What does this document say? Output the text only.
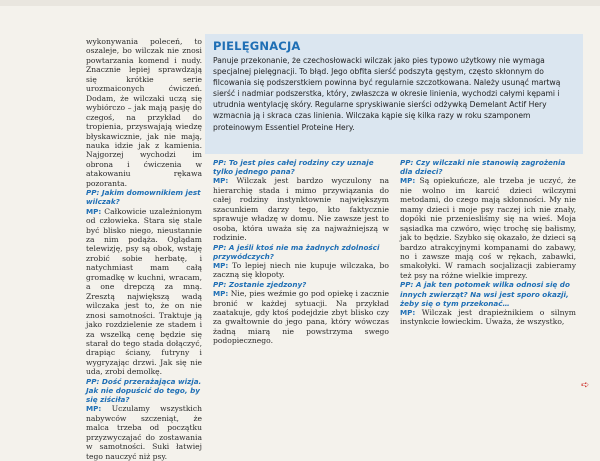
wykonywania poleceń, to oszaleje, bo wilczak nie znosi powtarzania komend i nudy. Znacznie lepiej sprawdzają się krótkie serie urozmaiconych ćwiczeń. Dodam, że wilczaki uczą się wybiórczo – jak mają pasję do czegoś, na przykład do tropienia, przyswajają wiedzę błyskawicznie, jak nie mają, nauka idzie jak z kamienia. Najgorzej wychodzi im obrona i ćwiczenia w atakowaniu rękawa pozoranta.

PP: Jakim domownikiem jest wilczak?

MP: Całkowicie uzależnionym od człowieka. Stara się stale być blisko niego, nieustannie za nim podąża. Oglądam telewizję, psy są obok, wstaję zrobić sobie herbatę, i natychmiast mam całą gromadkę w kuchni, wracam, a one drepczą za mną. Zresztą największą wadą wilczaka jest to, że on nie znosi samotności. Traktuje ją jako rozdzielenie ze stadem i za wszelką cenę będzie się starał do tego stada dołączyć, drapiąc ściany, futryny i wygryzając drzwi. Jak się nie uda, zrobi demolkę.

PP: Dość przerażająca wizja. Jak nie dopuścić do tego, by się ziściła?

MP: Uczulamy wszystkich nabywców szczeniąt, że malca trzeba od początku przyzwyczajać do zostawania w samotności. Suki łatwiej tego nauczyć niż psy.

PIELĘGNACJA
Panuje przekonanie, że czechosłowacki wilczak jako pies typowo użytkowy nie wymaga specjalnej pielęgnacji. To błąd. Jego obfita sierść podszyta gęstym, często skłonnym do filcowania się podszerstkiem powinna być regularnie szczotkowana. Należy usunąć martwą sierść i nadmiar podszerstka, który, zwłaszcza w okresie linienia, wychodzi całymi kępami i utrudnia wentylację skóry. Regularne spryskiwanie sierści odżywką Demelant Actif Hery wzmacnia ją i skraca czas linienia. Wilczaka kąpie się kilka razy w roku szamponem proteinowym Essentiel Proteine Hery.

PP: To jest pies całej rodziny czy uznaje tylko jednego pana?

MP: Wilczak jest bardzo wyczulony na hierarchię stada i mimo przywiązania do całej rodziny instynktownie największym szacunkiem darzy tego, kto faktycznie sprawuje władzę w domu. Nie zawsze jest to osoba, która uważa się za najważniejszą w rodzinie.

PP: A jeśli ktoś nie ma żadnych zdolności przywódczych?

MP: To lepiej niech nie kupuje wilczaka, bo zaczną się kłopoty.

PP: Zostanie zjedzony?

MP: Nie, pies weźmie go pod opiekę i zacznie bronić w każdej sytuacji. Na przykład zaatakuje, gdy ktoś podejdzie zbyt blisko czy za gwałtownie do jego pana, który wówczas żadną miarą nie powstrzyma swego podopiecznego.

PP: Czy wilczaki nie stanowią zagrożenia dla dzieci?

MP: Są opiekuńcze, ale trzeba je uczyć, że nie wolno im karcić dzieci wilczymi metodami, do czego mają skłonności. My nie mamy dzieci i moje psy raczej ich nie znały, dopóki nie przeniesliśmy się na wieś. Moja sąsiadka ma czwóro, więc trochę się bałismy, jak to będzie. Szybko się okazało, że dzieci są bardzo atrakcyjnymi kompanami do zabawy, no i zawsze mają coś w rękach, zabawki, smakołyki. W ramach socjalizacji zabieramy też psy na różne wielkie imprezy.

PP: A jak ten potomek wilka odnosi się do innych zwierząt? Na wsi jest sporo okazji, żeby się o tym przekonać…

MP: Wilczak jest drapieżnikiem o silnym instynkcie łowieckim. Uważa, że wszystko,

➪
